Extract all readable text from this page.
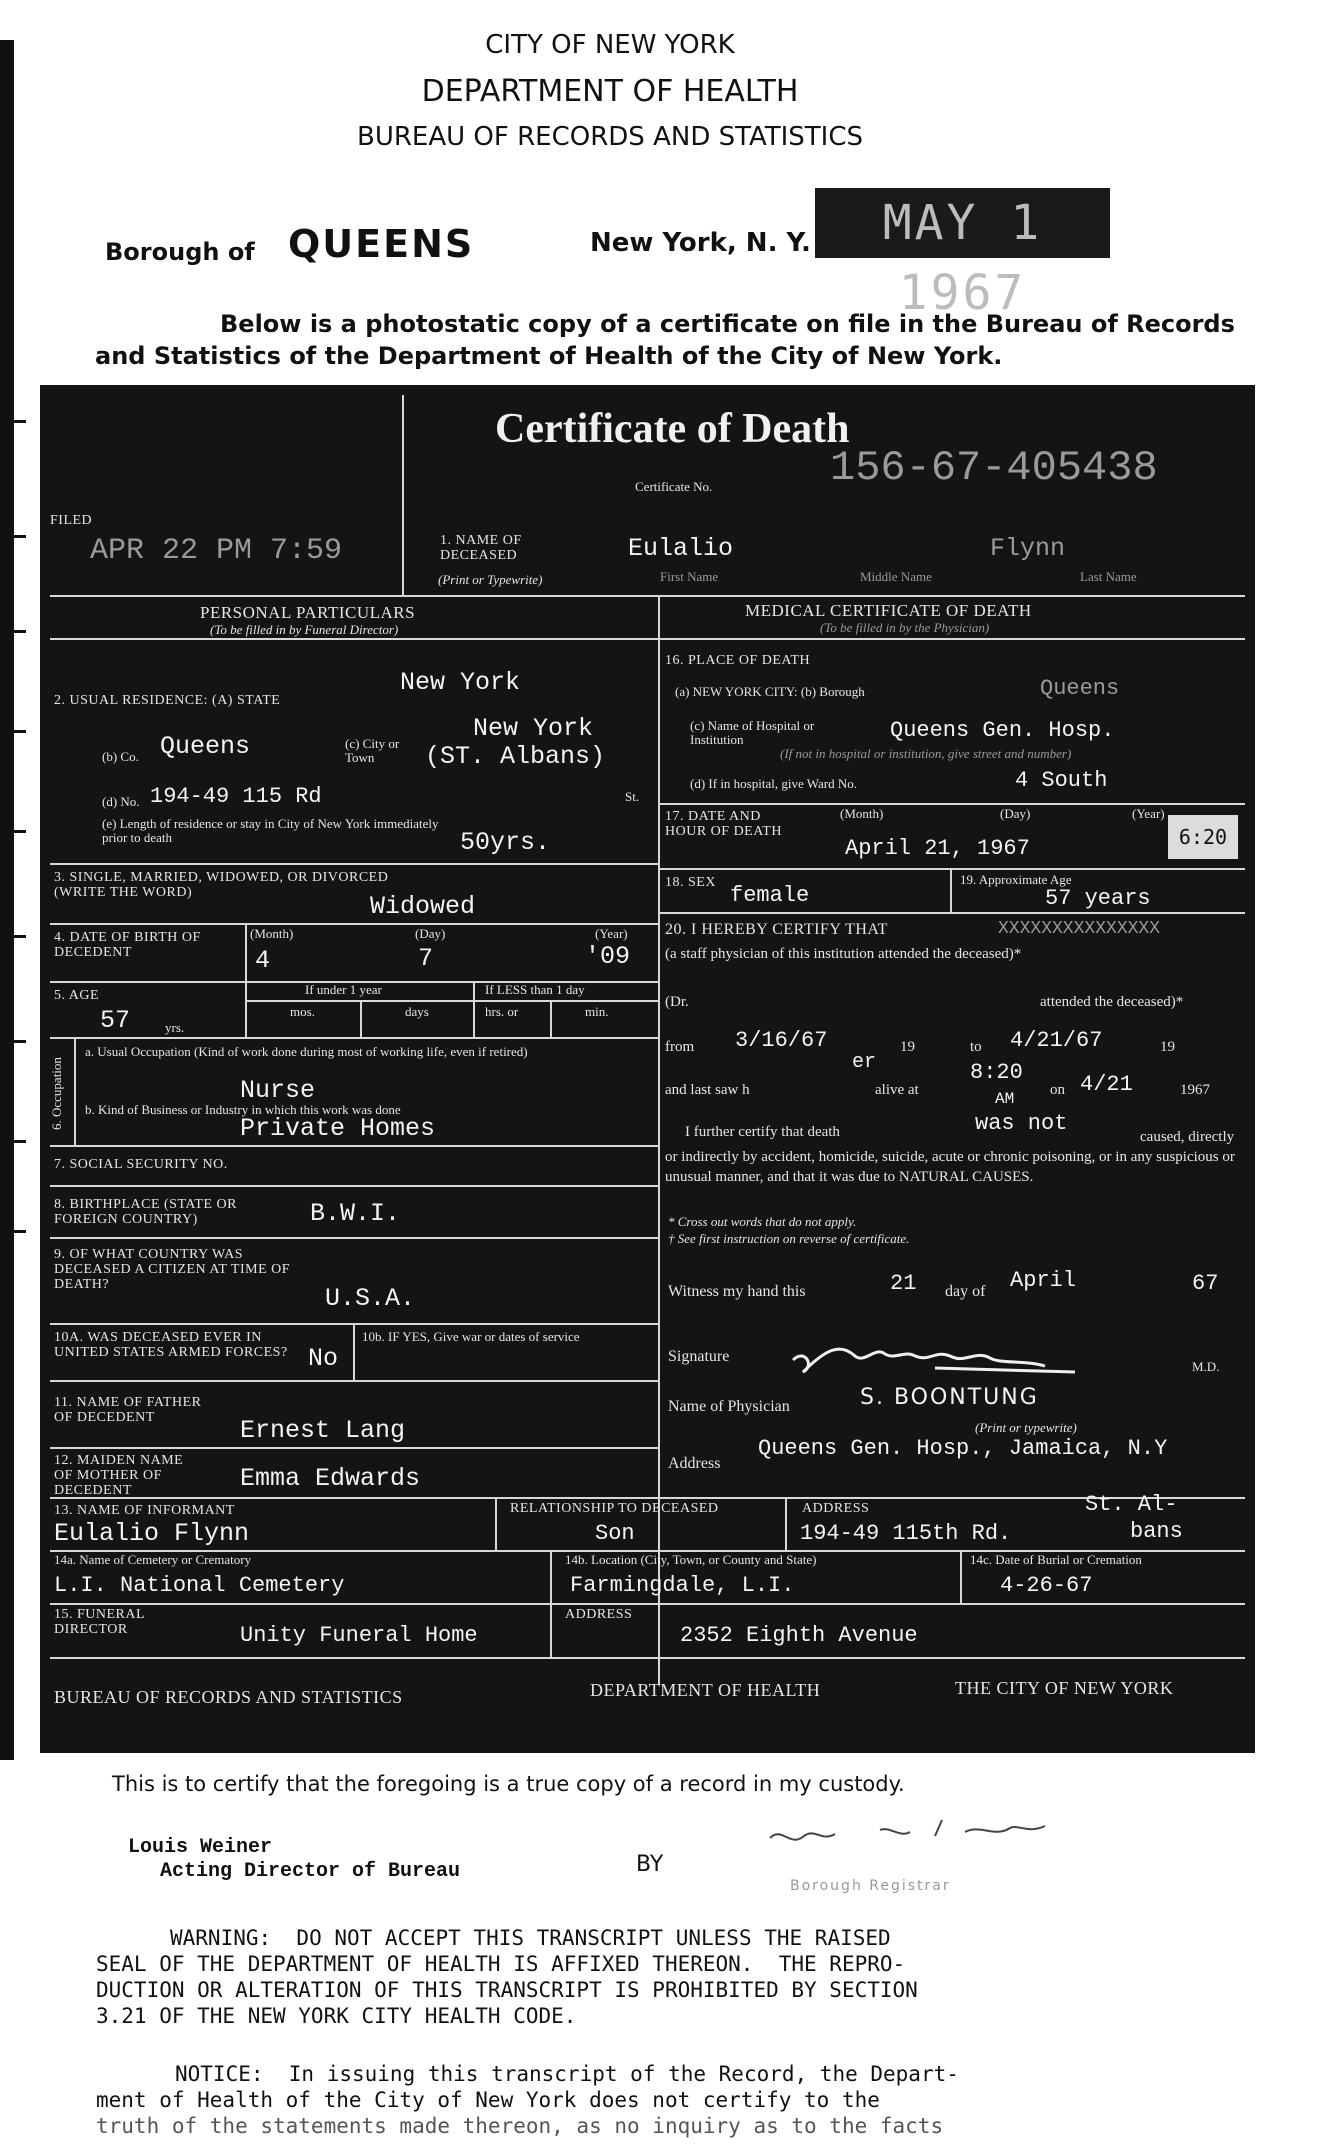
CITY OF NEW YORK
DEPARTMENT OF HEALTH
BUREAU OF RECORDS AND STATISTICS
Borough of QUEENS	New York, N. Y.	MAY 1 1967
Below is a photostatic copy of a certificate on file in the Bureau of Records
and Statistics of the Department of Health of the City of New York.
Certificate of Death
Certificate No.	156-67-405438
FILED
APR 22 PM 7:59	1. NAME OF DECEASED
(Print or Typewrite)
Eulalio	Flynn
First Name	Middle Name	Last Name
PERSONAL PARTICULARS
(To be filled in by Funeral Director)
MEDICAL CERTIFICATE OF DEATH
(To be filled in by the Physician)
2. USUAL RESIDENCE: (A) STATE
New York
(b) Co. Queens	(c) City or Town
New York
(ST. Albans)
(d) No. 194-49 115 Rd	St.
(e) Length of residence or stay in City of New York immediately prior to death	50yrs.
3. SINGLE, MARRIED, WIDOWED, OR DIVORCED (WRITE THE WORD)	Widowed
4. DATE OF BIRTH OF DECEDENT
(Month)	(Day)	(Year)
4	7	'09
5. AGE
57	yrs.
If under 1 year
mos.	days
If LESS than 1 day
hrs. or	min.
6. Occupation
a. Usual Occupation (Kind of work done during most of working life, even if retired)
Nurse
b. Kind of Business or Industry in which this work was done
Private Homes
7. SOCIAL SECURITY NO.
8. BIRTHPLACE (STATE OR FOREIGN COUNTRY)	B.W.I.
9. OF WHAT COUNTRY WAS DECEASED A CITIZEN AT TIME OF DEATH?	U.S.A.
10A. WAS DECEASED EVER IN UNITED STATES ARMED FORCES? No
10b. IF YES, Give war or dates of service
11. NAME OF FATHER OF DECEDENT	Ernest Lang
12. MAIDEN NAME OF MOTHER OF DECEDENT	Emma Edwards
16. PLACE OF DEATH
(a) NEW YORK CITY: (b) Borough	Queens
(c) Name of Hospital or Institution	Queens Gen. Hosp.
(If not in hospital or institution, give street and number)
(d) If in hospital, give Ward No.	4 South
17. DATE AND HOUR OF DEATH
(Month)	(Day)	(Year)
April 21, 1967	6:20
18. SEX
female
19. Approximate Age
57 years
20. I HEREBY CERTIFY THAT	XXXXXXXXXXXXXXX
(a staff physician of this institution attended the deceased)*
(Dr.	attended the deceased)*
from 3/16/67	19	to 4/21/67	19
and last saw h
er
alive at
8:20
AM on 4/21	1967
I further certify that death	was not
caused, directly or indirectly by accident, homicide, suicide, acute or chronic poisoning, or in any suspicious or unusual manner, and that it was due to NATURAL CAUSES.
* Cross out words that do not apply.
† See first instruction on reverse of certificate.
Witness my hand this	21 day of April	67
Signature
M.D.
Name of Physician	S. BOONTUNG
(Print or typewrite)
Address
Queens Gen. Hosp., Jamaica, N.Y
13. NAME OF INFORMANT
Eulalio Flynn
RELATIONSHIP TO DECEASED
Son
ADDRESS
194-49 115th Rd.
St. Al-
bans
14a. Name of Cemetery or Crematory
L.I. National Cemetery
14b. Location (City, Town, or County and State)
Farmingdale, L.I.
14c. Date of Burial or Cremation
4-26-67
15. FUNERAL DIRECTOR	Unity Funeral Home
ADDRESS
2352 Eighth Avenue
BUREAU OF RECORDS AND STATISTICS	DEPARTMENT OF HEALTH	THE CITY OF NEW YORK
This is to certify that the foregoing is a true copy of a record in my custody.
Louis Weiner
Acting Director of Bureau	BY
Borough Registrar
WARNING:  DO NOT ACCEPT THIS TRANSCRIPT UNLESS THE RAISED
SEAL OF THE DEPARTMENT OF HEALTH IS AFFIXED THEREON.  THE REPRO-
DUCTION OR ALTERATION OF THIS TRANSCRIPT IS PROHIBITED BY SECTION
3.21 OF THE NEW YORK CITY HEALTH CODE.
NOTICE:  In issuing this transcript of the Record, the Depart-
ment of Health of the City of New York does not certify to the
truth of the statements made thereon, as no inquiry as to the facts
